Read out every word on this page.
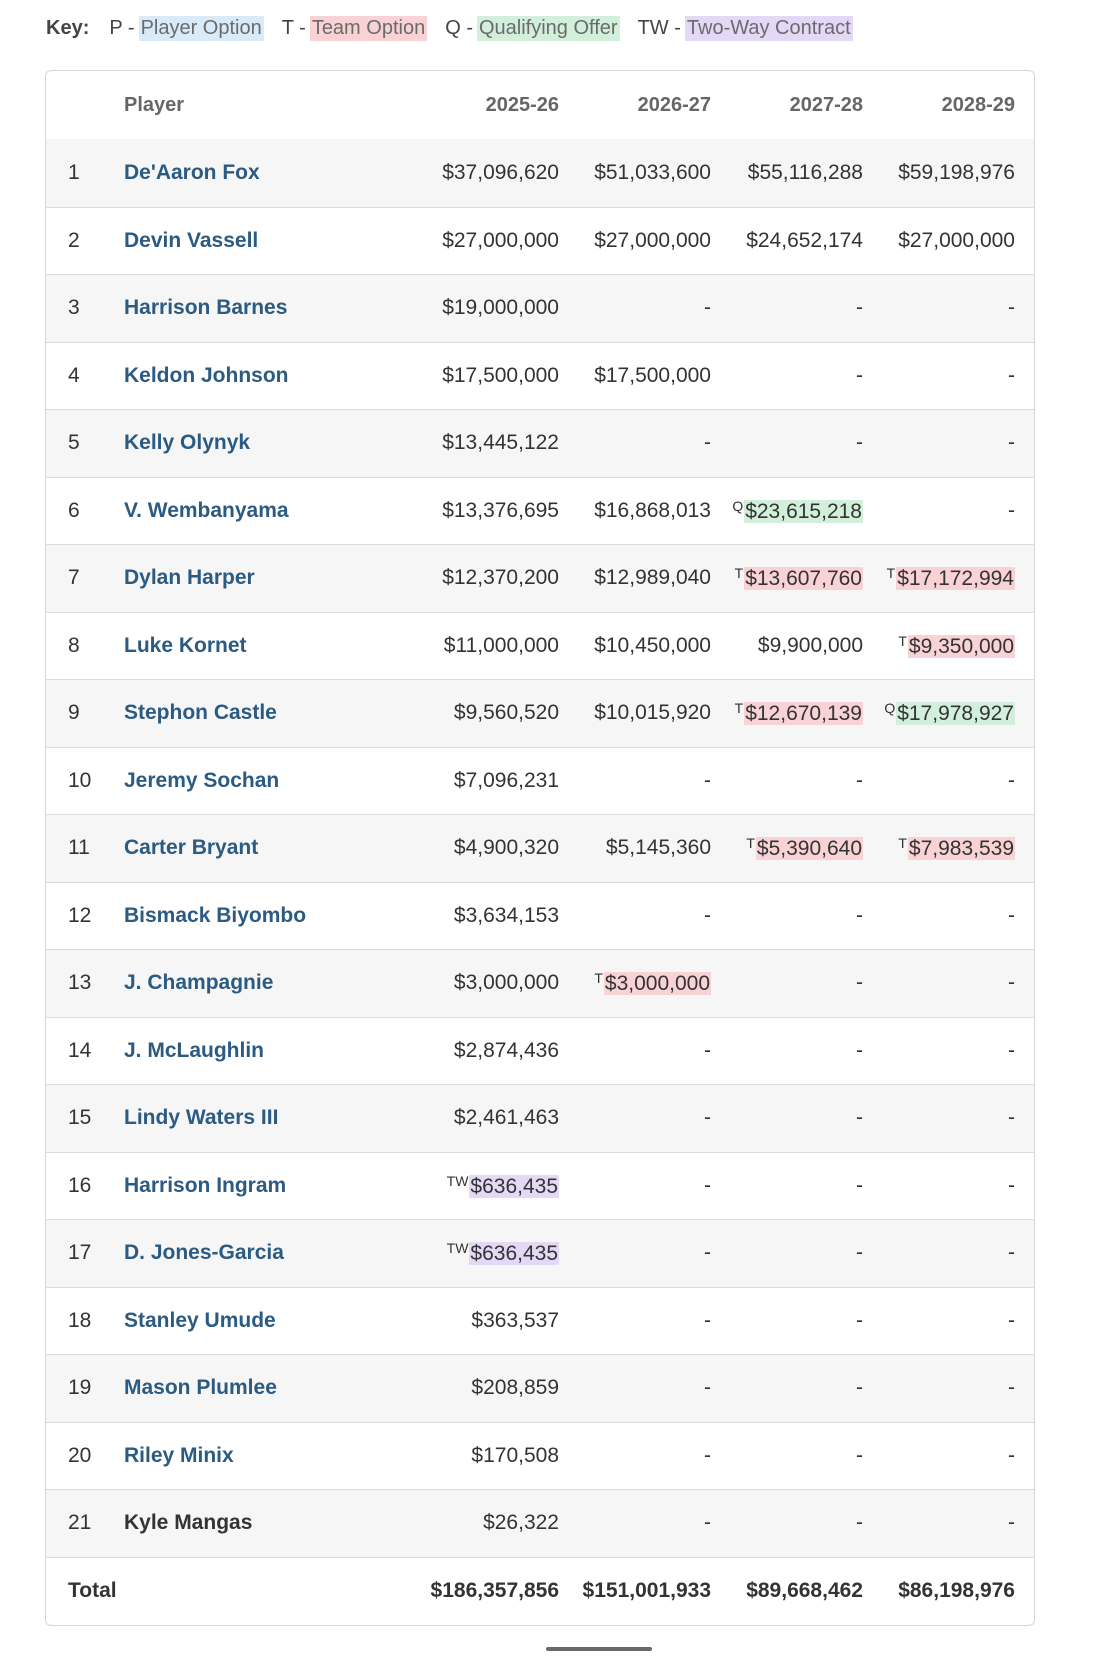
Key: P - Player Option T - Team Option Q - Qualifying Offer TW - Two-Way Contract
Player	2025-26	2026-27	2027-28	2028-29
1 De'Aaron Fox	$37,096,620 $51,033,600 $55,116,288 $59,198,976
2 Devin Vassell	$27,000,000 $27,000,000 $24,652,174 $27,000,000
3 Harrison Barnes	$19,000,000	-	-	-
4 Keldon Johnson	$17,500,000 $17,500,000	-	-
5 Kelly Olynyk	$13,445,122	-	-	-
6 V. Wembanyama	$13,376,695 $16,868,013 $^Q$\$23,615,218	-
7 Dylan Harper	$12,370,200 $12,989,040 $^T$\$13,607,760 $^T$\$17,172,994
8 Luke Kornet	$11,000,000 $10,450,000 $9,900,000	$^T$\$9,350,000
9 Stephon Castle	$9,560,520 $10,015,920 $^T$\$12,670,139 $^Q$\$17,978,927
10 Jeremy Sochan	$7,096,231	-	-	-
11 Carter Bryant	$4,900,320 $5,145,360	$^T$\$5,390,640	$^T$\$7,983,539
12 Bismack Biyombo	$3,634,153	-	-	-
13 J. Champagnie	$3,000,000	$^T$\$3,000,000	-	-
14 J. McLaughlin	$2,874,436	-	-	-
15 Lindy Waters III	$2,461,463	-	-	-
16 Harrison Ingram	$^{TW}$\$636,435	-	-	-
17 D. Jones-Garcia	$^{TW}$\$636,435	-	-	-
18 Stanley Umude	$363,537	-	-	-
19 Mason Plumlee	$208,859	-	-	-
20 Riley Minix	$170,508	-	-	-
21 Kyle Mangas	$26,322	-	-	-
Total	$186,357,856 $151,001,933 $89,668,462 $86,198,976
